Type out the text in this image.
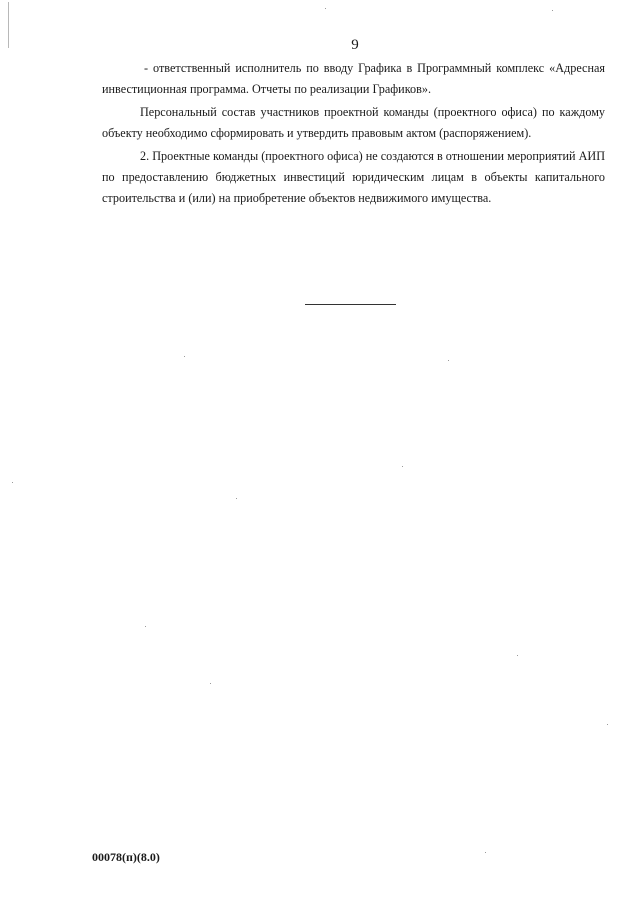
9

- ответственный исполнитель по вводу Графика в Программный комплекс «Адресная инвестиционная программа. Отчеты по реализации Графиков».

Персональный состав участников проектной команды (проектного офиса) по каждому объекту необходимо сформировать и утвердить правовым актом (распоряжением).

2. Проектные команды (проектного офиса) не создаются в отношении мероприятий АИП по предоставлению бюджетных инвестиций юридическим лицам в объекты капитального строительства и (или) на приобретение объектов недвижимого имущества.

00078(п)(8.0)
